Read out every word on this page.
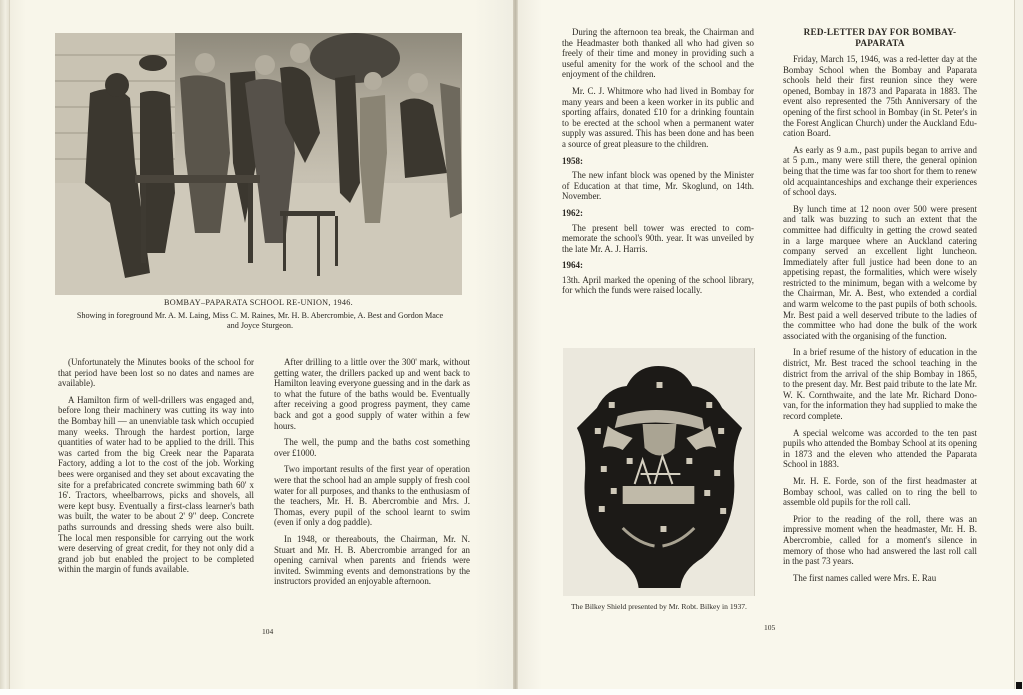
BOMBAY–PAPARATA SCHOOL RE-UNION, 1946.
Showing in foreground Mr. A. M. Laing, Miss C. M. Raines, Mr. H. B. Abercrombie, A. Best and Gordon Mace and Joyce Sturgeon.

(Unfortunately the Minutes books of the school for that period have been lost so no dates and names are available).

A Hamilton firm of well-drillers was engaged and, before long their machinery was cutting its way into the Bombay hill — an unenviable task which occupied many weeks. Through the hardest portion, large quantities of water had to be applied to the drill. This was carted from the big Creek near the Paparata Factory, adding a lot to the cost of the job. Working bees were organised and they set about excavating the site for a prefabricated concrete swimming bath 60' x 16'. Tractors, wheelbarrows, picks and shovels, all were kept busy. Eventually a first-class learner's bath was built, the water to be about 2' 9" deep. Concrete paths surrounds and dressing sheds were also built. The local men responsible for carrying out the work were deserving of great credit, for they not only did a grand job but enabled the project to be completed within the margin of funds available.

After drilling to a little over the 300' mark, without getting water, the drillers packed up and went back to Hamilton leaving everyone guessing and in the dark as to what the future of the baths would be. Eventually after receiving a good progress payment, they came back and got a good supply of water within a few hours.

The well, the pump and the baths cost something over £1000.

Two important results of the first year of operation were that the school had an ample supply of fresh cool water for all purposes, and thanks to the enthusiasm of the teachers, Mr. H. B. Abercrombie and Mrs. J. Thomas, every pupil of the school learnt to swim (even if only a dog paddle).

In 1948, or thereabouts, the Chairman, Mr. N. Stuart and Mr. H. B. Abercrombie arranged for an opening carnival when parents and friends were invited. Swimming events and demonstrations by the instructors provided an enjoyable afternoon.

104

During the afternoon tea break, the Chairman and the Headmaster both thanked all who had given so freely of their time and money in providing such a useful amenity for the work of the school and the enjoyment of the children.

Mr. C. J. Whitmore who had lived in Bombay for many years and been a keen worker in its public and sporting affairs, donated £10 for a drinking fountain to be erected at the school when a permanent water supply was assured. This has been done and has been a source of great pleasure to the children.

1958:

The new infant block was opened by the Minister of Education at that time, Mr. Skoglund, on 14th. November.

1962:

The present bell tower was erected to commemorate the school's 90th. year. It was unveiled by the late Mr. A. J. Harris.

1964:

13th. April marked the opening of the school library, for which the funds were raised locally.

The Bilkey Shield presented by Mr. Robt. Bilkey in 1937.

RED-LETTER DAY FOR BOMBAY-PAPARATA

Friday, March 15, 1946, was a red-letter day at the Bombay School when the Bombay and Paparata schools held their first reunion since they were opened, Bombay in 1873 and Paparata in 1883. The event also represented the 75th Anniversary of the opening of the first school in Bombay (in St. Peter's in the Forest Anglican Church) under the Auckland Education Board.

As early as 9 a.m., past pupils began to arrive and at 5 p.m., many were still there, the general opinion being that the time was far too short for them to renew old acquaintanceships and exchange their experiences of school days.

By lunch time at 12 noon over 500 were present and talk was buzzing to such an extent that the committee had difficulty in getting the crowd seated in a large marquee where an Auckland catering company served an excellent light luncheon. Immediately after full justice had been done to an appetising repast, the formalities, which were wisely restricted to the minimum, began with a welcome by the Chairman, Mr. A. Best, who extended a cordial and warm welcome to the past pupils of both schools. Mr. Best paid a well deserved tribute to the ladies of the committee who had done the bulk of the work associated with the organising of the function.

In a brief resume of the history of education in the district, Mr. Best traced the school teaching in the district from the arrival of the ship Bombay in 1865, to the present day. Mr. Best paid tribute to the late Mr. W. K. Cornthwaite, and the late Mr. Richard Donovan, for the information they had supplied to make the record complete.

A special welcome was accorded to the ten past pupils who attended the Bombay School at its opening in 1873 and the eleven who attended the Paparata School in 1883.

Mr. H. E. Forde, son of the first headmaster at Bombay school, was called on to ring the bell to assemble old pupils for the roll call.

Prior to the reading of the roll, there was an impressive moment when the headmaster, Mr. H. B. Abercrombie, called for a moment's silence in memory of those who had answered the last roll call in the past 73 years.

The first names called were Mrs. E. Rau

105
